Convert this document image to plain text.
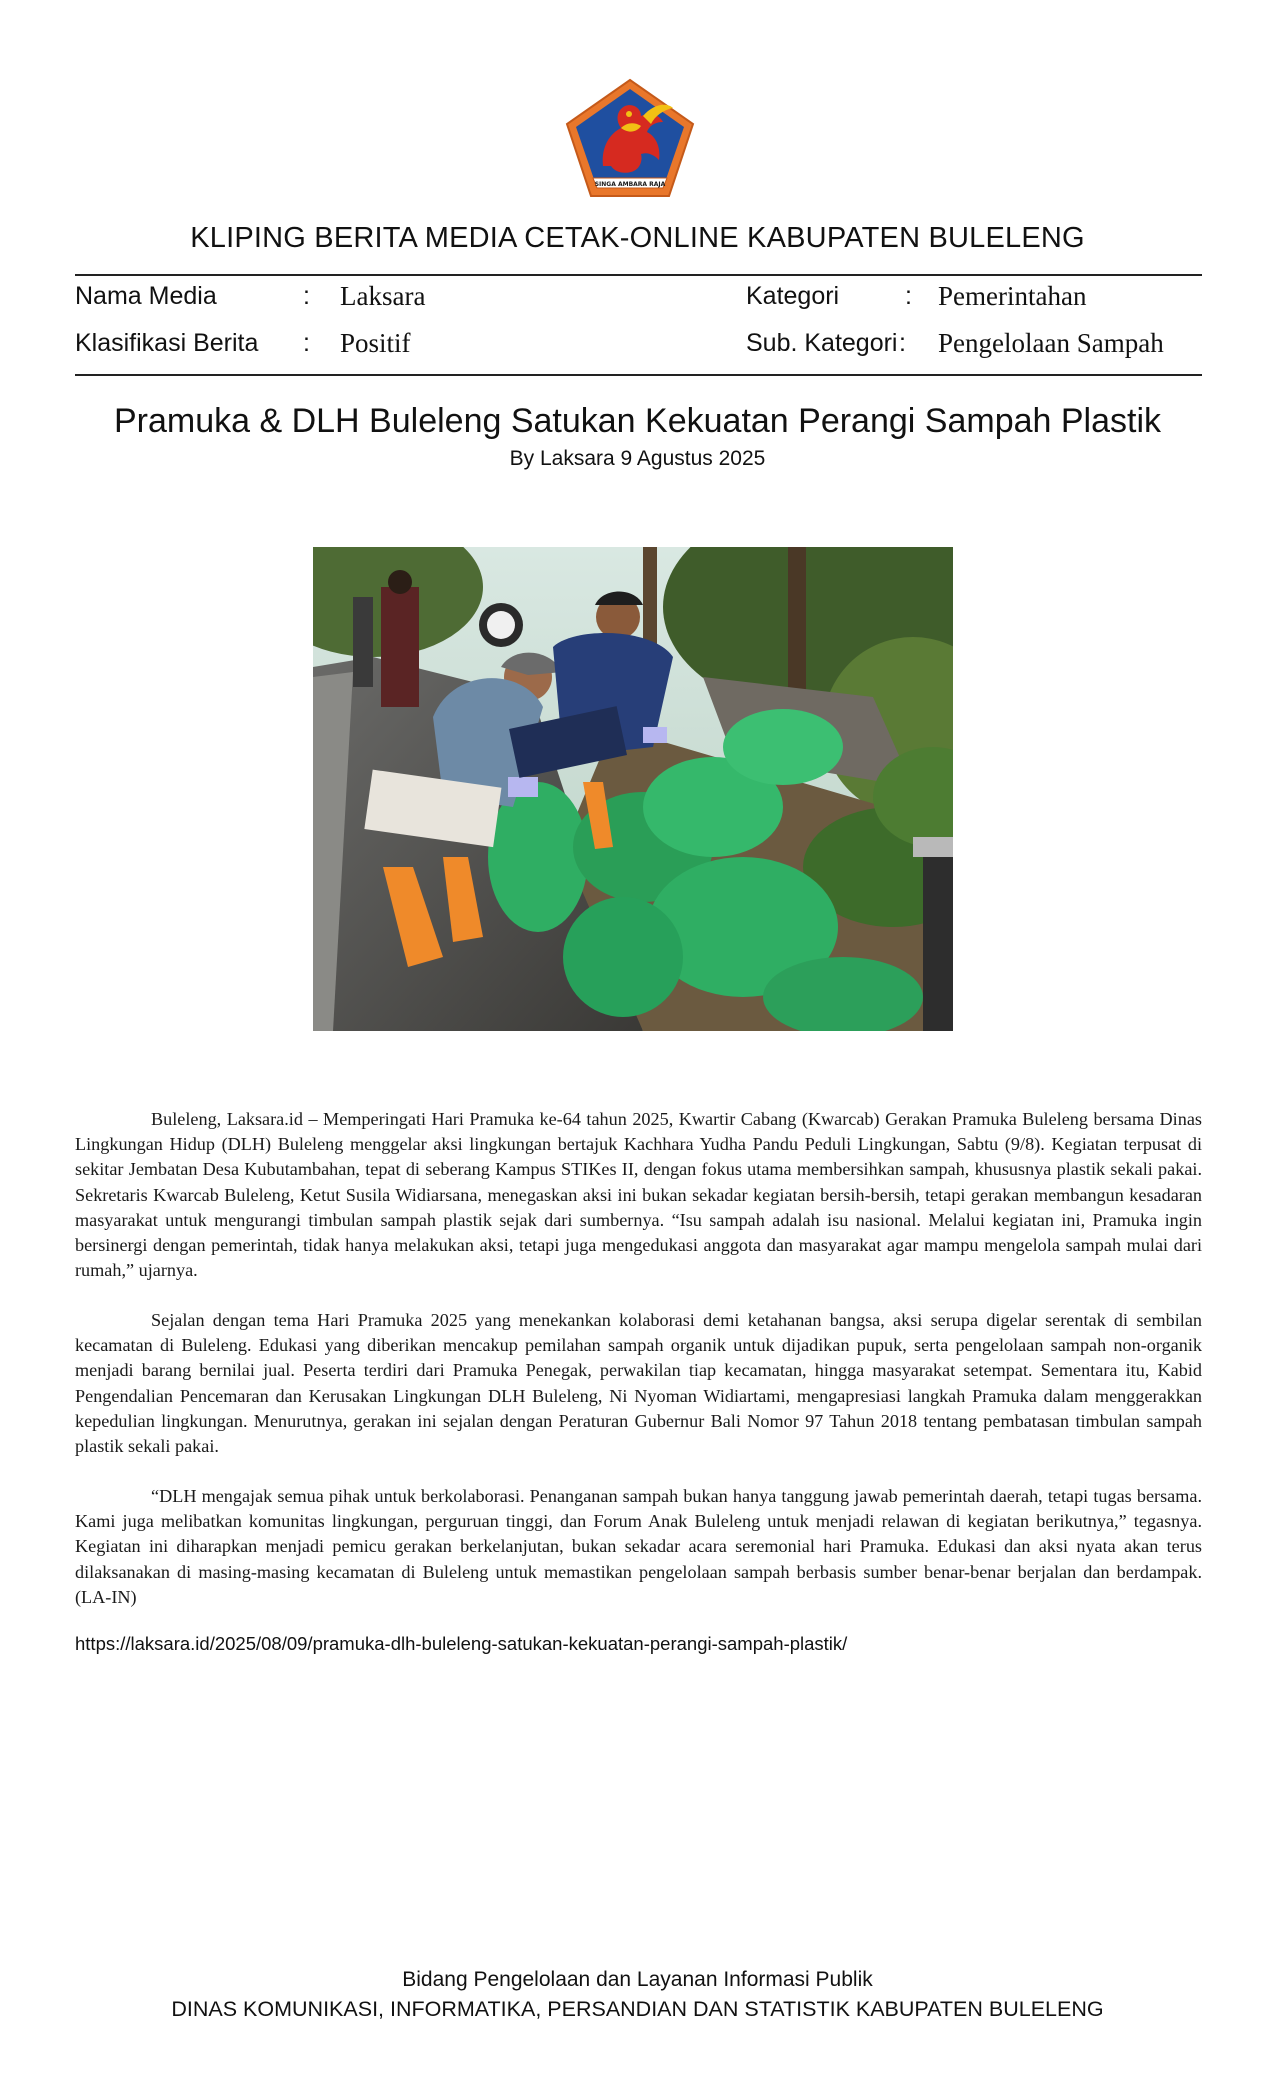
SINGA AMBARA RAJA
KLIPING BERITA MEDIA CETAK-ONLINE KABUPATEN BULELENG
Nama Media	: Laksara	Kategori	: Pemerintahan
Klasifikasi Berita : Positif	Sub. Kategori : Pengelolaan Sampah
Pramuka & DLH Buleleng Satukan Kekuatan Perangi Sampah Plastik
By Laksara 9 Agustus 2025

Buleleng, Laksara.id – Memperingati Hari Pramuka ke-64 tahun 2025, Kwartir Cabang (Kwarcab) Gerakan Pramuka Buleleng bersama Dinas Lingkungan Hidup (DLH) Buleleng menggelar aksi lingkungan bertajuk Kachhara Yudha Pandu Peduli Lingkungan, Sabtu (9/8). Kegiatan terpusat di sekitar Jembatan Desa Kubutambahan, tepat di seberang Kampus STIKes II, dengan fokus utama membersihkan sampah, khususnya plastik sekali pakai. Sekretaris Kwarcab Buleleng, Ketut Susila Widiarsana, menegaskan aksi ini bukan sekadar kegiatan bersih-bersih, tetapi gerakan membangun kesadaran masyarakat untuk mengurangi timbulan sampah plastik sejak dari sumbernya. “Isu sampah adalah isu nasional. Melalui kegiatan ini, Pramuka ingin bersinergi dengan pemerintah, tidak hanya melakukan aksi, tetapi juga mengedukasi anggota dan masyarakat agar mampu mengelola sampah mulai dari rumah,” ujarnya.

Sejalan dengan tema Hari Pramuka 2025 yang menekankan kolaborasi demi ketahanan bangsa, aksi serupa digelar serentak di sembilan kecamatan di Buleleng. Edukasi yang diberikan mencakup pemilahan sampah organik untuk dijadikan pupuk, serta pengelolaan sampah non-organik menjadi barang bernilai jual. Peserta terdiri dari Pramuka Penegak, perwakilan tiap kecamatan, hingga masyarakat setempat. Sementara itu, Kabid Pengendalian Pencemaran dan Kerusakan Lingkungan DLH Buleleng, Ni Nyoman Widiartami, mengapresiasi langkah Pramuka dalam menggerakkan kepedulian lingkungan. Menurutnya, gerakan ini sejalan dengan Peraturan Gubernur Bali Nomor 97 Tahun 2018 tentang pembatasan timbulan sampah plastik sekali pakai.

“DLH mengajak semua pihak untuk berkolaborasi. Penanganan sampah bukan hanya tanggung jawab pemerintah daerah, tetapi tugas bersama. Kami juga melibatkan komunitas lingkungan, perguruan tinggi, dan Forum Anak Buleleng untuk menjadi relawan di kegiatan berikutnya,” tegasnya. Kegiatan ini diharapkan menjadi pemicu gerakan berkelanjutan, bukan sekadar acara seremonial hari Pramuka. Edukasi dan aksi nyata akan terus dilaksanakan di masing-masing kecamatan di Buleleng untuk memastikan pengelolaan sampah berbasis sumber benar-benar berjalan dan berdampak. (LA-IN)

https://laksara.id/2025/08/09/pramuka-dlh-buleleng-satukan-kekuatan-perangi-sampah-plastik/
Bidang Pengelolaan dan Layanan Informasi Publik
DINAS KOMUNIKASI, INFORMATIKA, PERSANDIAN DAN STATISTIK KABUPATEN BULELENG
